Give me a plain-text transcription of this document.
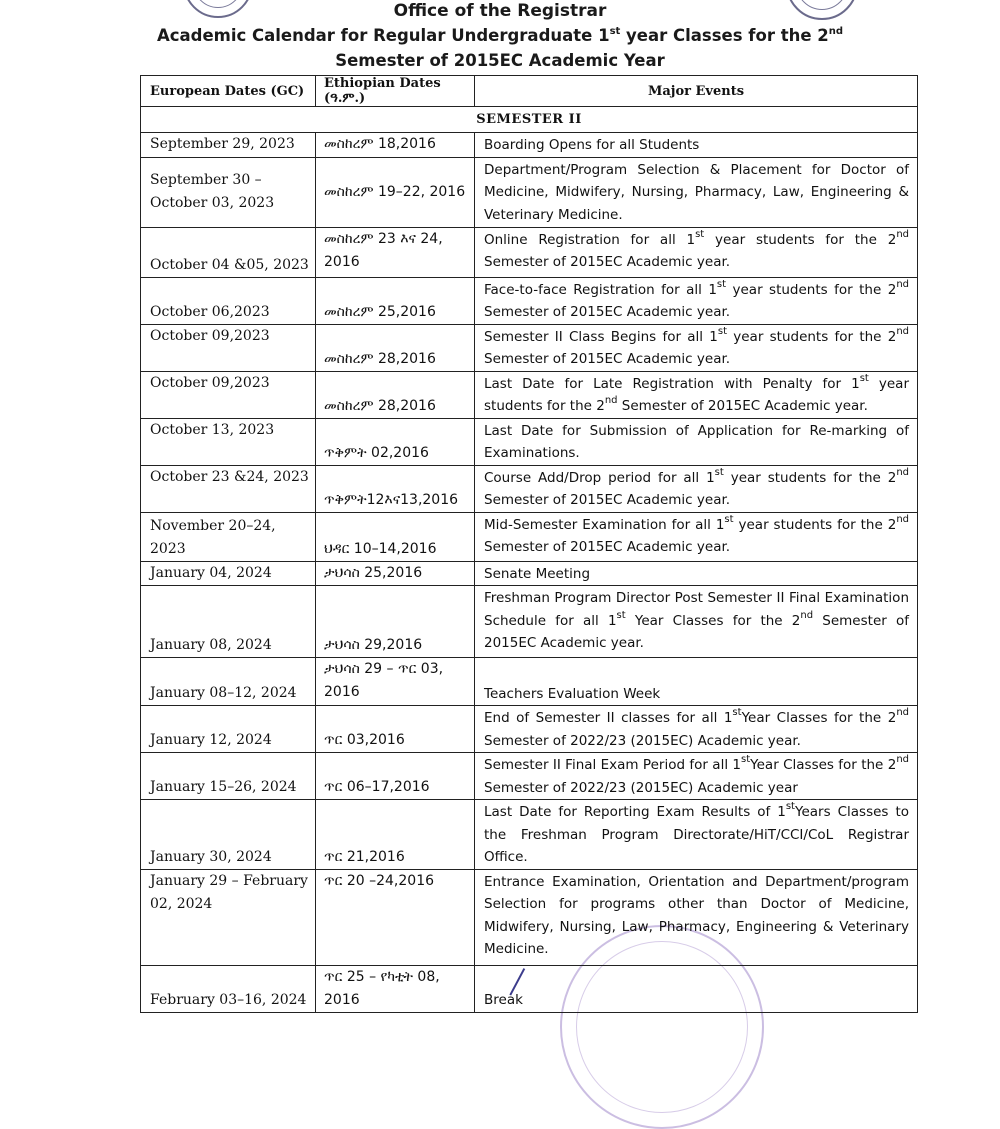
Office of the Registrar
Academic Calendar for Regular Undergraduate 1st year Classes for the 2nd
Semester of 2015EC Academic Year
European Dates (GC)	Ethiopian Dates (ዓ.ም.)	Major Events
SEMESTER II		
September 29, 2023	መስከረም 18,2016	Boarding Opens for all Students
September 30 – October 03, 2023	መስከረም 19–22, 2016	Department/Program Selection & Placement for Doctor of Medicine, Midwifery, Nursing, Pharmacy, Law, Engineering & Veterinary Medicine.
October 04 &05, 2023	መስከረም 23 እና 24, 2016	Online Registration for all 1st year students for the 2nd Semester of 2015EC Academic year.
October 06,2023	መስከረም 25,2016	Face-to-face Registration for all 1st year students for the 2nd Semester of 2015EC Academic year.
October 09,2023	መስከረም 28,2016	Semester II Class Begins for all 1st year students for the 2nd Semester of 2015EC Academic year.
October 09,2023	መስከረም 28,2016	Last Date for Late Registration with Penalty for 1st year students for the 2nd Semester of 2015EC Academic year.
October 13, 2023	ጥቅምት 02,2016	Last Date for Submission of Application for Re-marking of Examinations.
October 23 &24, 2023	ጥቅምት12እና13,2016	Course Add/Drop period for all 1st year students for the 2nd Semester of 2015EC Academic year.
November 20–24, 2023	ህዳር 10–14,2016	Mid-Semester Examination for all 1st year students for the 2nd Semester of 2015EC Academic year.
January 04, 2024	ታህሳስ 25,2016	Senate Meeting
January 08, 2024	ታህሳስ 29,2016	Freshman Program Director Post Semester II Final Examination Schedule for all 1st Year Classes for the 2nd Semester of 2015EC Academic year.
January 08–12, 2024	ታህሳስ 29 – ጥር 03, 2016	Teachers Evaluation Week
January 12, 2024	ጥር 03,2016	End of Semester II classes for all 1stYear Classes for the 2nd Semester of 2022/23 (2015EC) Academic year.
January 15–26, 2024	ጥር 06–17,2016	Semester II Final Exam Period for all 1stYear Classes for the 2nd Semester of 2022/23 (2015EC) Academic year
January 30, 2024	ጥር 21,2016	Last Date for Reporting Exam Results of 1stYears Classes to the Freshman Program Directorate/HiT/CCI/CoL Registrar Office.
January 29 – February 02, 2024	ጥር 20 –24,2016	Entrance Examination, Orientation and Department/program Selection for programs other than Doctor of Medicine, Midwifery, Nursing, Law, Pharmacy, Engineering & Veterinary Medicine.
February 03–16, 2024	ጥር 25 – የካቲት 08, 2016	Break
